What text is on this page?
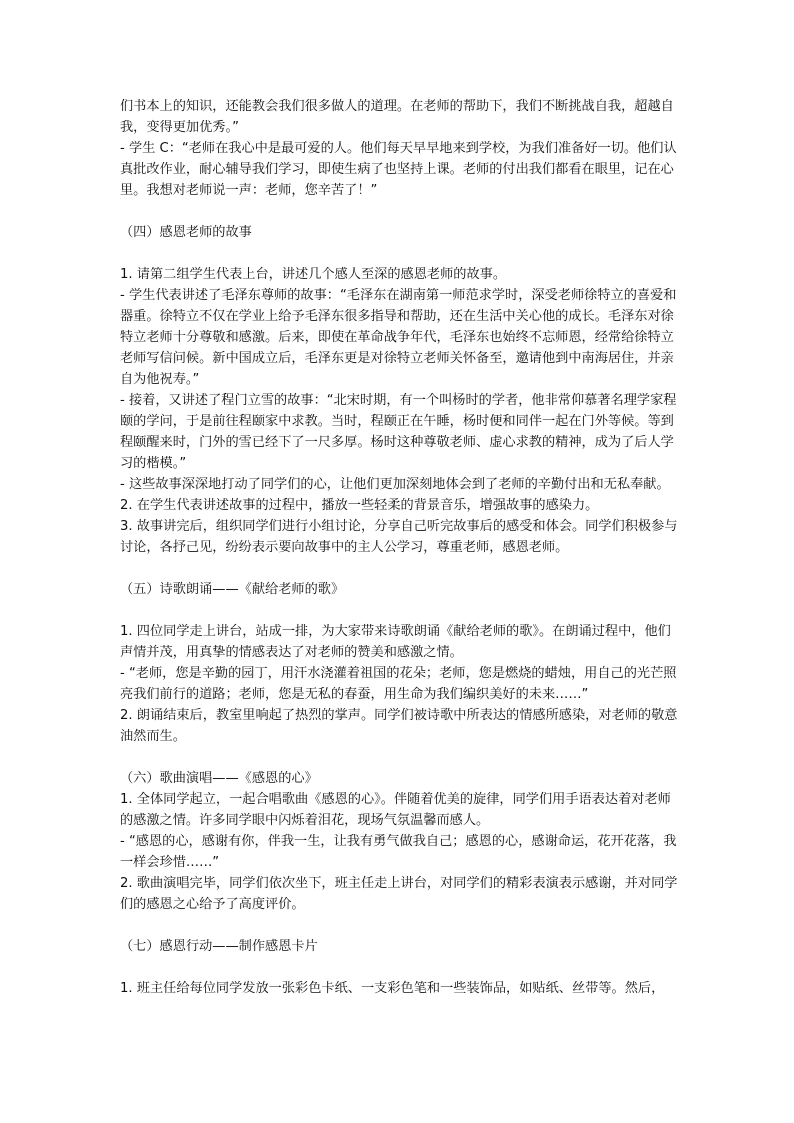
们书本上的知识，还能教会我们很多做人的道理。在老师的帮助下，我们不断挑战自我，超越自我，变得更加优秀。”
- 学生 C：“老师在我心中是最可爱的人。他们每天早早地来到学校，为我们准备好一切。他们认真批改作业，耐心辅导我们学习，即使生病了也坚持上课。老师的付出我们都看在眼里，记在心里。我想对老师说一声：老师，您辛苦了！”
（四）感恩老师的故事
1. 请第二组学生代表上台，讲述几个感人至深的感恩老师的故事。
- 学生代表讲述了毛泽东尊师的故事：“毛泽东在湖南第一师范求学时，深受老师徐特立的喜爱和器重。徐特立不仅在学业上给予毛泽东很多指导和帮助，还在生活中关心他的成长。毛泽东对徐特立老师十分尊敬和感激。后来，即使在革命战争年代，毛泽东也始终不忘师恩，经常给徐特立老师写信问候。新中国成立后，毛泽东更是对徐特立老师关怀备至，邀请他到中南海居住，并亲自为他祝寿。”
- 接着，又讲述了程门立雪的故事：“北宋时期，有一个叫杨时的学者，他非常仰慕著名理学家程颐的学问，于是前往程颐家中求教。当时，程颐正在午睡，杨时便和同伴一起在门外等候。等到程颐醒来时，门外的雪已经下了一尺多厚。杨时这种尊敬老师、虚心求教的精神，成为了后人学习的楷模。”
- 这些故事深深地打动了同学们的心，让他们更加深刻地体会到了老师的辛勤付出和无私奉献。
2. 在学生代表讲述故事的过程中，播放一些轻柔的背景音乐，增强故事的感染力。
3. 故事讲完后，组织同学们进行小组讨论，分享自己听完故事后的感受和体会。同学们积极参与讨论，各抒己见，纷纷表示要向故事中的主人公学习，尊重老师，感恩老师。
（五）诗歌朗诵——《献给老师的歌》
1. 四位同学走上讲台，站成一排，为大家带来诗歌朗诵《献给老师的歌》。在朗诵过程中，他们声情并茂，用真挚的情感表达了对老师的赞美和感激之情。
- “老师，您是辛勤的园丁，用汗水浇灌着祖国的花朵；老师，您是燃烧的蜡烛，用自己的光芒照亮我们前行的道路；老师，您是无私的春蚕，用生命为我们编织美好的未来……”
2. 朗诵结束后，教室里响起了热烈的掌声。同学们被诗歌中所表达的情感所感染，对老师的敬意油然而生。
（六）歌曲演唱——《感恩的心》
1. 全体同学起立，一起合唱歌曲《感恩的心》。伴随着优美的旋律，同学们用手语表达着对老师的感激之情。许多同学眼中闪烁着泪花，现场气氛温馨而感人。
- “感恩的心，感谢有你，伴我一生，让我有勇气做我自己；感恩的心，感谢命运，花开花落，我一样会珍惜……”
2. 歌曲演唱完毕，同学们依次坐下，班主任走上讲台，对同学们的精彩表演表示感谢，并对同学们的感恩之心给予了高度评价。
（七）感恩行动——制作感恩卡片
1. 班主任给每位同学发放一张彩色卡纸、一支彩色笔和一些装饰品，如贴纸、丝带等。然后，
